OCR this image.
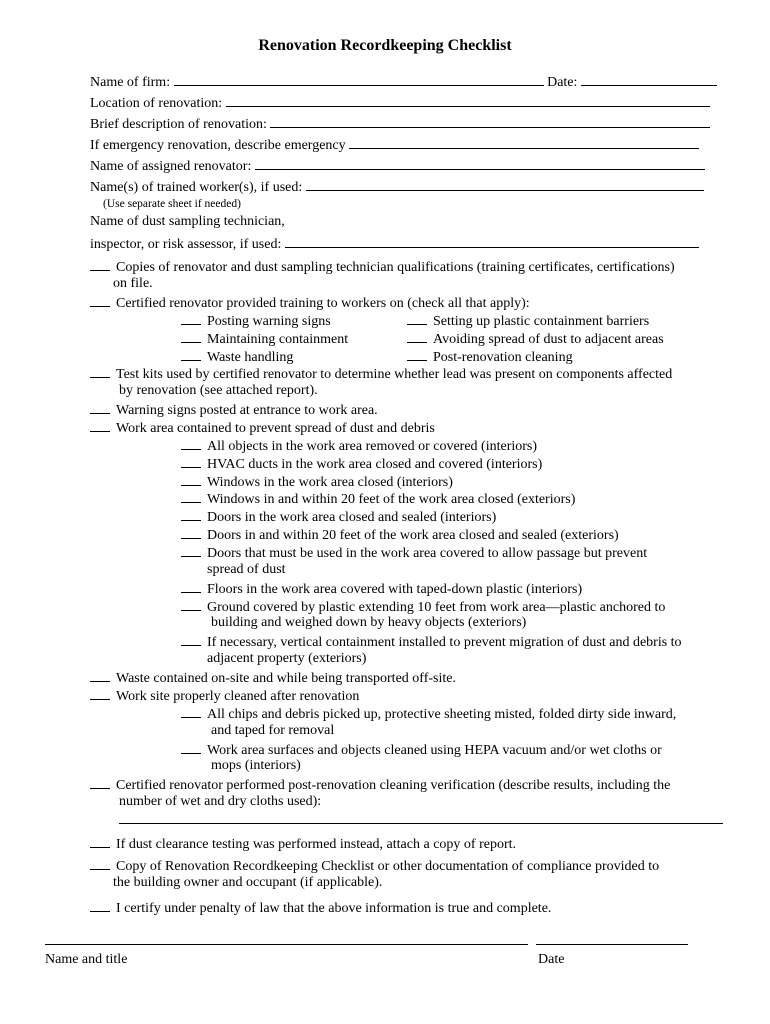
Renovation Recordkeeping Checklist
Name of firm:	Date:
Location of renovation:
Brief description of renovation:
If emergency renovation, describe emergency
Name of assigned renovator:
Name(s) of trained worker(s), if used:
(Use separate sheet if needed)
Name of dust sampling technician,
inspector, or risk assessor, if used:
Copies of renovator and dust sampling technician qualifications (training certificates, certifications)
on file.
Certified renovator provided training to workers on (check all that apply):
Posting warning signs	Setting up plastic containment barriers
Maintaining containment	Avoiding spread of dust to adjacent areas
Waste handling	Post-renovation cleaning
Test kits used by certified renovator to determine whether lead was present on components affected
by renovation (see attached report).
Warning signs posted at entrance to work area.
Work area contained to prevent spread of dust and debris
All objects in the work area removed or covered (interiors)
HVAC ducts in the work area closed and covered (interiors)
Windows in the work area closed (interiors)
Windows in and within 20 feet of the work area closed (exteriors)
Doors in the work area closed and sealed (interiors)
Doors in and within 20 feet of the work area closed and sealed (exteriors)
Doors that must be used in the work area covered to allow passage but prevent
spread of dust
Floors in the work area covered with taped-down plastic (interiors)
Ground covered by plastic extending 10 feet from work area—plastic anchored to
building and weighed down by heavy objects (exteriors)
If necessary, vertical containment installed to prevent migration of dust and debris to
adjacent property (exteriors)
Waste contained on-site and while being transported off-site.
Work site properly cleaned after renovation
All chips and debris picked up, protective sheeting misted, folded dirty side inward,
and taped for removal
Work area surfaces and objects cleaned using HEPA vacuum and/or wet cloths or
mops (interiors)
Certified renovator performed post-renovation cleaning verification (describe results, including the
number of wet and dry cloths used):
If dust clearance testing was performed instead, attach a copy of report.
Copy of Renovation Recordkeeping Checklist or other documentation of compliance provided to
the building owner and occupant (if applicable).
I certify under penalty of law that the above information is true and complete.
Name and title	Date
